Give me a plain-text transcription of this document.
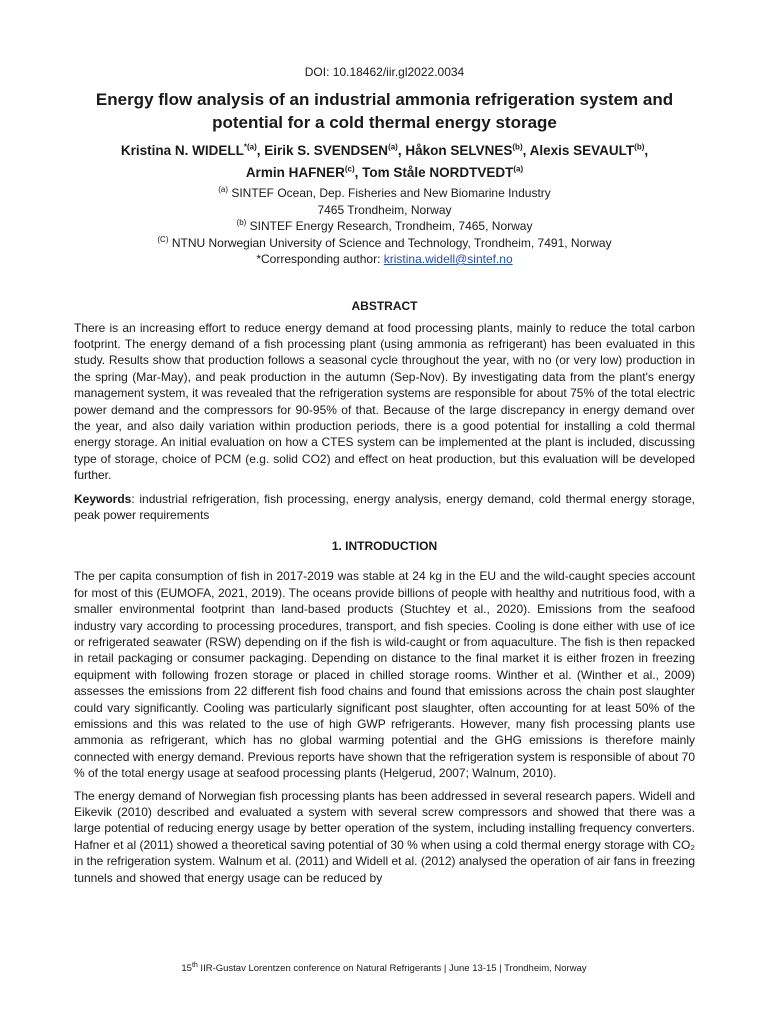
DOI: 10.18462/iir.gl2022.0034
Energy flow analysis of an industrial ammonia refrigeration system and potential for a cold thermal energy storage
Kristina N. WIDELL$^{*(a)}$, Eirik S. SVENDSEN$^{(a)}$, Håkon SELVNES$^{(b)}$, Alexis SEVAULT$^{(b)}$,
Armin HAFNER$^{(c)}$, Tom Ståle NORDTVEDT$^{(a)}$
$^{(a)}$ SINTEF Ocean, Dep. Fisheries and New Biomarine Industry
7465 Trondheim, Norway
$^{(b)}$ SINTEF Energy Research, Trondheim, 7465, Norway
$^{(C)}$ NTNU Norwegian University of Science and Technology, Trondheim, 7491, Norway
*Corresponding author: kristina.widell@sintef.no
ABSTRACT

There is an increasing effort to reduce energy demand at food processing plants, mainly to reduce the total carbon footprint. The energy demand of a fish processing plant (using ammonia as refrigerant) has been evaluated in this study. Results show that production follows a seasonal cycle throughout the year, with no (or very low) production in the spring (Mar-May), and peak production in the autumn (Sep-Nov). By investigating data from the plant's energy management system, it was revealed that the refrigeration systems are responsible for about 75% of the total electric power demand and the compressors for 90-95% of that. Because of the large discrepancy in energy demand over the year, and also daily variation within production periods, there is a good potential for installing a cold thermal energy storage. An initial evaluation on how a CTES system can be implemented at the plant is included, discussing type of storage, choice of PCM (e.g. solid CO2) and effect on heat production, but this evaluation will be developed further.

Keywords: industrial refrigeration, fish processing, energy analysis, energy demand, cold thermal energy storage, peak power requirements

1. INTRODUCTION

The per capita consumption of fish in 2017-2019 was stable at 24 kg in the EU and the wild-caught species account for most of this (EUMOFA, 2021, 2019). The oceans provide billions of people with healthy and nutritious food, with a smaller environmental footprint than land-based products (Stuchtey et al., 2020). Emissions from the seafood industry vary according to processing procedures, transport, and fish species. Cooling is done either with use of ice or refrigerated seawater (RSW) depending on if the fish is wild-caught or from aquaculture. The fish is then repacked in retail packaging or consumer packaging. Depending on distance to the final market it is either frozen in freezing equipment with following frozen storage or placed in chilled storage rooms. Winther et al. (Winther et al., 2009) assesses the emissions from 22 different fish food chains and found that emissions across the chain post slaughter could vary significantly. Cooling was particularly significant post slaughter, often accounting for at least 50% of the emissions and this was related to the use of high GWP refrigerants. However, many fish processing plants use ammonia as refrigerant, which has no global warming potential and the GHG emissions is therefore mainly connected with energy demand. Previous reports have shown that the refrigeration system is responsible of about 70 % of the total energy usage at seafood processing plants (Helgerud, 2007; Walnum, 2010).

The energy demand of Norwegian fish processing plants has been addressed in several research papers. Widell and Eikevik (2010) described and evaluated a system with several screw compressors and showed that there was a large potential of reducing energy usage by better operation of the system, including installing frequency converters. Hafner et al (2011) showed a theoretical saving potential of 30 % when using a cold thermal energy storage with CO₂ in the refrigeration system. Walnum et al. (2011) and Widell et al. (2012) analysed the operation of air fans in freezing tunnels and showed that energy usage can be reduced by

15th IIR-Gustav Lorentzen conference on Natural Refrigerants | June 13-15 | Trondheim, Norway
